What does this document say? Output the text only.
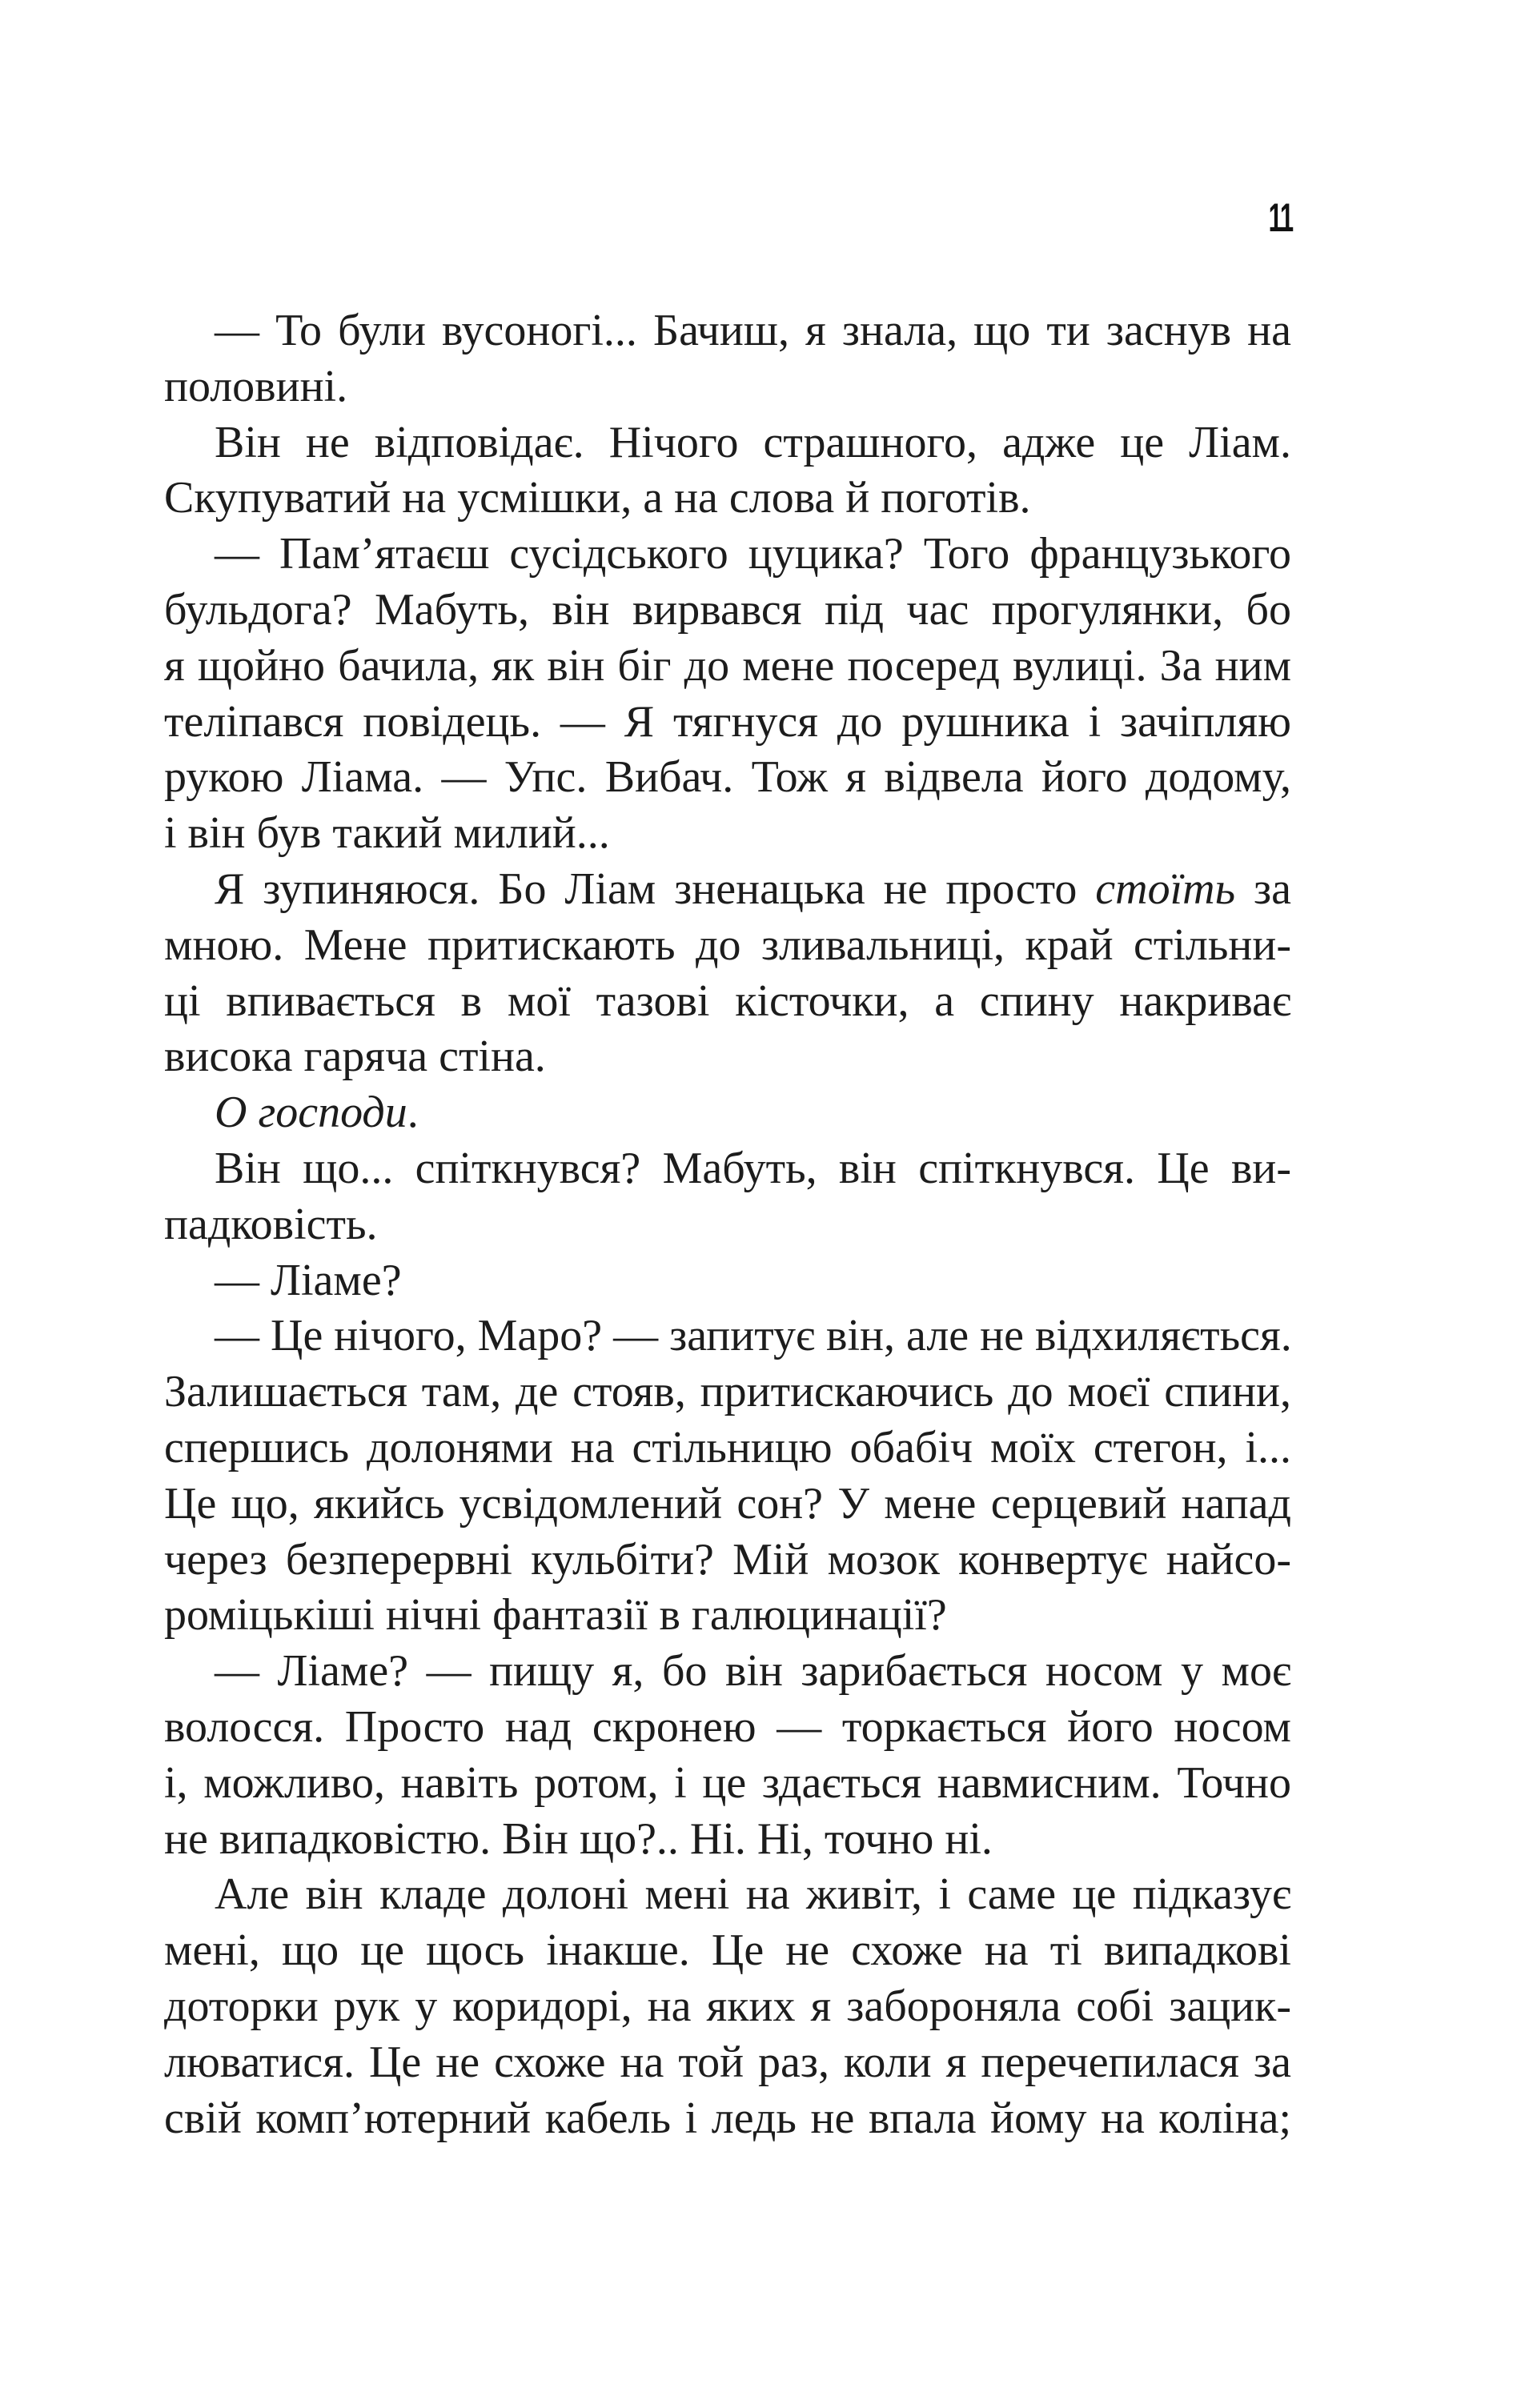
11
— То були вусоногі... Бачиш, я знала, що ти заснув на
половині.
Він не відповідає. Нічого страшного, адже це Ліам.
Скупуватий на усмішки, а на слова й поготів.
— Пам’ятаєш сусідського цуцика? Того французького
бульдога? Мабуть, він вирвався під час прогулянки, бо
я щойно бачила, як він біг до мене посеред вулиці. За ним
теліпався повідець. — Я тягнуся до рушника і зачіпляю
рукою Ліама. — Упс. Вибач. Тож я відвела його додому,
і він був такий милий...
Я зупиняюся. Бо Ліам зненацька не просто стоїть за
мною. Мене притискають до зливальниці, край стільни-
ці впивається в мої тазові кісточки, а спину накриває
висока гаряча стіна.
О господи.
Він що... спіткнувся? Мабуть, він спіткнувся. Це ви-
падковість.
— Ліаме?
— Це нічого, Маро? — запитує він, але не відхиляється.
Залишається там, де стояв, притискаючись до моєї спини,
спершись долонями на стільницю обабіч моїх стегон, і...
Це що, якийсь усвідомлений сон? У мене серцевий напад
через безперервні кульбіти? Мій мозок конвертує найсо-
роміцькіші нічні фантазії в галюцинації?
— Ліаме? — пищу я, бо він зарибається носом у моє
волосся. Просто над скронею — торкається його носом
і, можливо, навіть ротом, і це здається навмисним. Точно
не випадковістю. Він що?.. Ні. Ні, точно ні.
Але він кладе долоні мені на живіт, і саме це підказує
мені, що це щось інакше. Це не схоже на ті випадкові
доторки рук у коридорі, на яких я забороняла собі зацик-
люватися. Це не схоже на той раз, коли я перечепилася за
свій комп’ютерний кабель і ледь не впала йому на коліна;
